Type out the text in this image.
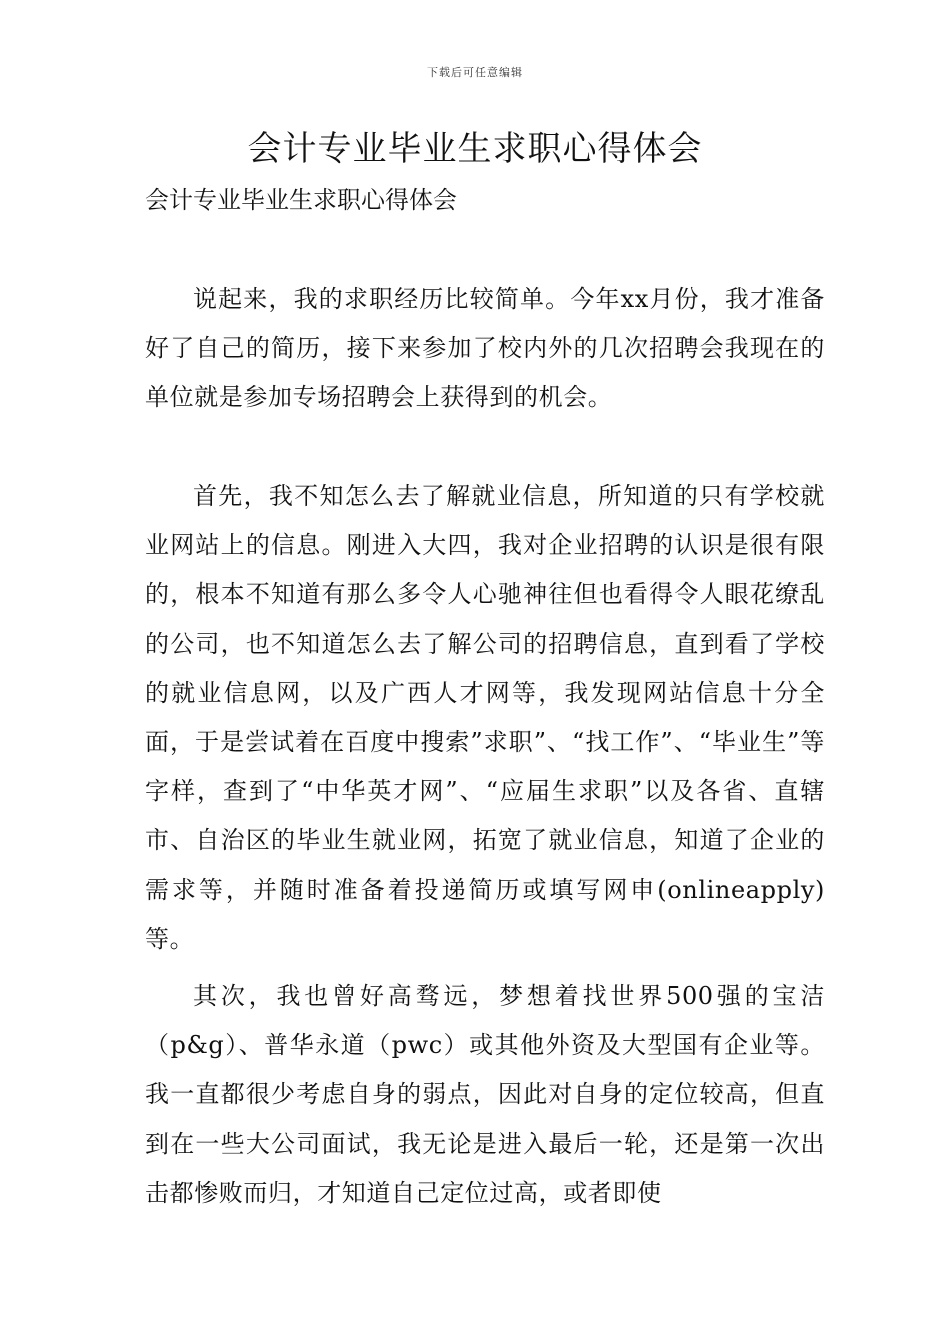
下载后可任意编辑
会计专业毕业生求职心得体会
会计专业毕业生求职心得体会

说起来，我的求职经历比较简单。今年xx月份，我才准备好了自己的简历，接下来参加了校内外的几次招聘会我现在的单位就是参加专场招聘会上获得到的机会。

首先，我不知怎么去了解就业信息，所知道的只有学校就业网站上的信息。刚进入大四，我对企业招聘的认识是很有限的，根本不知道有那么多令人心驰神往但也看得令人眼花缭乱的公司，也不知道怎么去了解公司的招聘信息，直到看了学校的就业信息网，以及广西人才网等，我发现网站信息十分全面，于是尝试着在百度中搜索”求职”、“找工作”、“毕业生”等字样，查到了“中华英才网”、“应届生求职”以及各省、直辖市、自治区的毕业生就业网，拓宽了就业信息，知道了企业的需求等，并随时准备着投递简历或填写网申(onlineapply)等。

其次，我也曾好高骛远，梦想着找世界500强的宝洁（p&g）、普华永道（pwc）或其他外资及大型国有企业等。我一直都很少考虑自身的弱点，因此对自身的定位较高，但直到在一些大公司面试，我无论是进入最后一轮，还是第一次出击都惨败而归，才知道自己定位过高，或者即使
